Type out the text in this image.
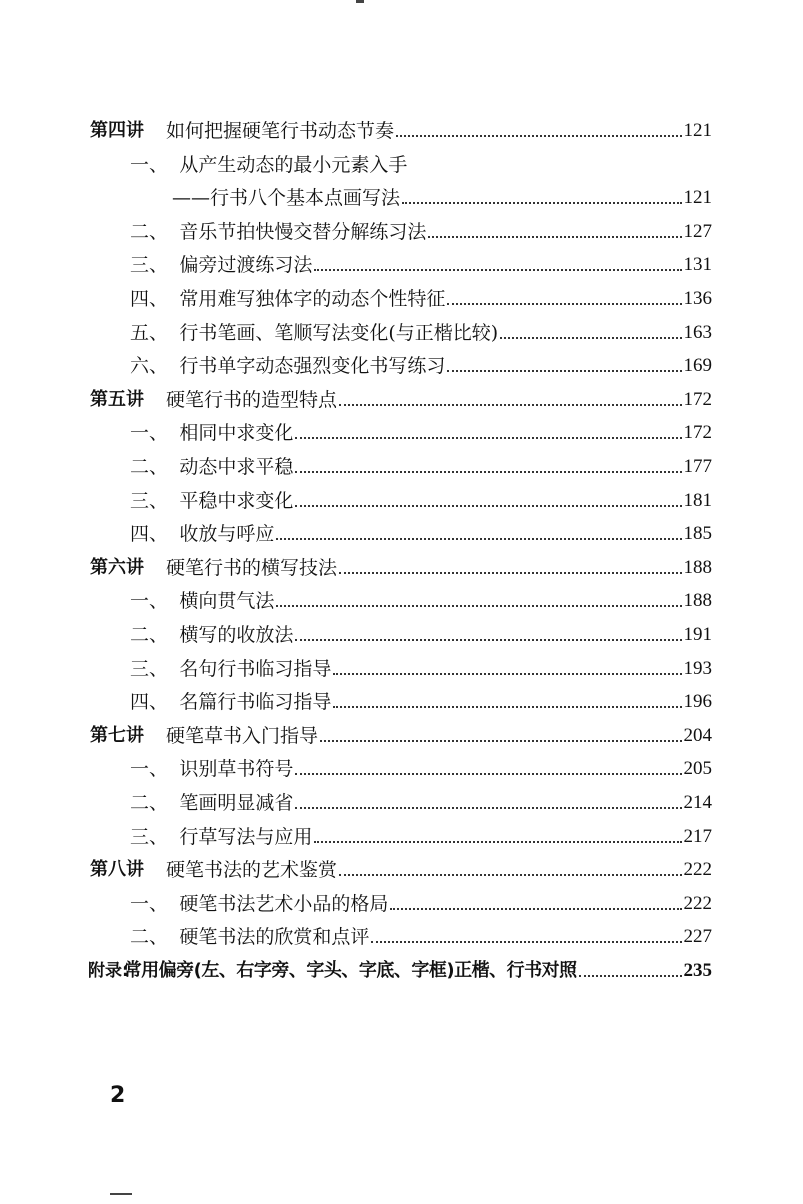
第四讲 如何把握硬笔行书动态节奏	121
一、 从产生动态的最小元素入手
——行书八个基本点画写法	121
二、 音乐节拍快慢交替分解练习法	127
三、 偏旁过渡练习法	131
四、 常用难写独体字的动态个性特征	136
五、 行书笔画、笔顺写法变化(与正楷比较)	163
六、 行书单字动态强烈变化书写练习	169
第五讲 硬笔行书的造型特点	172
一、 相同中求变化	172
二、 动态中求平稳	177
三、 平稳中求变化	181
四、 收放与呼应	185
第六讲 硬笔行书的横写技法	188
一、 横向贯气法	188
二、 横写的收放法	191
三、 名句行书临习指导	193
四、 名篇行书临习指导	196
第七讲 硬笔草书入门指导	204
一、 识别草书符号	205
二、 笔画明显减省	214
三、 行草写法与应用	217
第八讲 硬笔书法的艺术鉴赏	222
一、 硬笔书法艺术小品的格局	222
二、 硬笔书法的欣赏和点评	227
附录:
常用偏旁(左、右字旁、字头、字底、字框)正楷、行书对照	235
2
